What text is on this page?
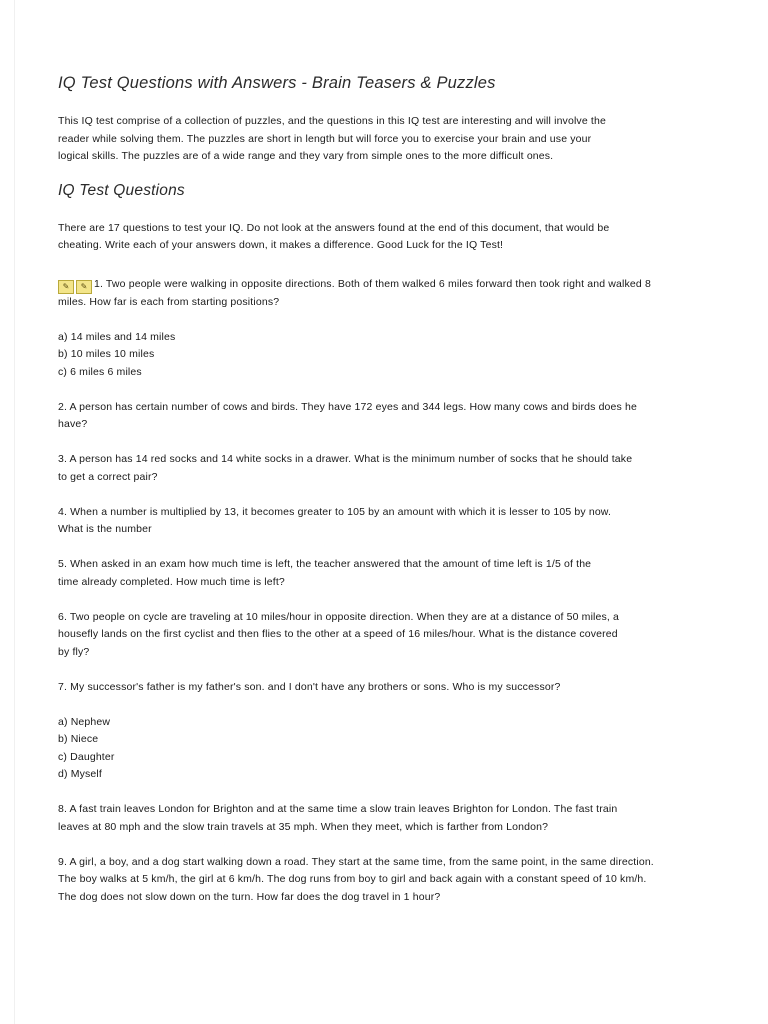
IQ Test Questions with Answers - Brain Teasers & Puzzles

This IQ test comprise of a collection of puzzles, and the questions in this IQ test are interesting and will involve the

reader while solving them. The puzzles are short in length but will force you to exercise your brain and use your

logical skills. The puzzles are of a wide range and they vary from simple ones to the more difficult ones.

IQ Test Questions

There are 17 questions to test your IQ. Do not look at the answers found at the end of this document, that would be

cheating. Write each of your answers down, it makes a difference. Good Luck for the IQ Test!

✎	✎ 1. Two people were walking in opposite directions. Both of them walked 6 miles forward then took right and walked 8

miles. How far is each from starting positions?

a) 14 miles and 14 miles

b) 10 miles 10 miles

c) 6 miles 6 miles

2. A person has certain number of cows and birds. They have 172 eyes and 344 legs. How many cows and birds does he

have?

3. A person has 14 red socks and 14 white socks in a drawer. What is the minimum number of socks that he should take

to get a correct pair?

4. When a number is multiplied by 13, it becomes greater to 105 by an amount with which it is lesser to 105 by now.

What is the number

5. When asked in an exam how much time is left, the teacher answered that the amount of time left is 1/5 of the

time already completed. How much time is left?

6. Two people on cycle are traveling at 10 miles/hour in opposite direction. When they are at a distance of 50 miles, a

housefly lands on the first cyclist and then flies to the other at a speed of 16 miles/hour. What is the distance covered

by fly?

7. My successor's father is my father's son. and I don't have any brothers or sons. Who is my successor?

a) Nephew

b) Niece

c) Daughter

d) Myself

8. A fast train leaves London for Brighton and at the same time a slow train leaves Brighton for London. The fast train

leaves at 80 mph and the slow train travels at 35 mph. When they meet, which is farther from London?

9. A girl, a boy, and a dog start walking down a road. They start at the same time, from the same point, in the same direction.

The boy walks at 5 km/h, the girl at 6 km/h. The dog runs from boy to girl and back again with a constant speed of 10 km/h.

The dog does not slow down on the turn. How far does the dog travel in 1 hour?
